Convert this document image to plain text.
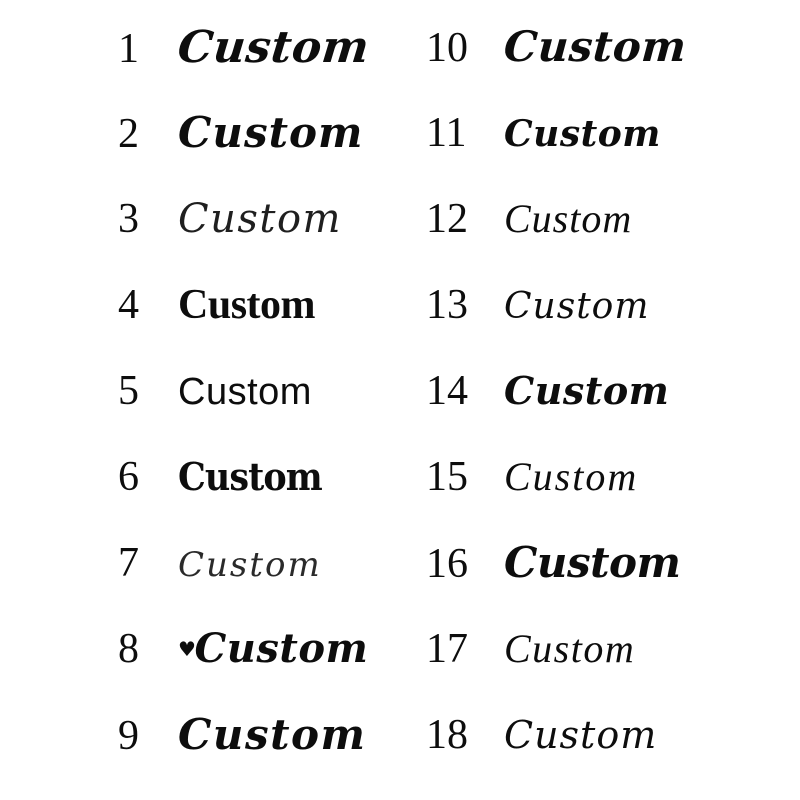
1 Custom
2 Custom
3 Custom
4 Custom
5	Custom
6	Custom
7	Custom
8	♥Custom
9 Custom
10 Custom
11	Custom
12 Custom
13	Custom
14 Custom
15 Custom
16 Custom
17 Custom
18 Custom
